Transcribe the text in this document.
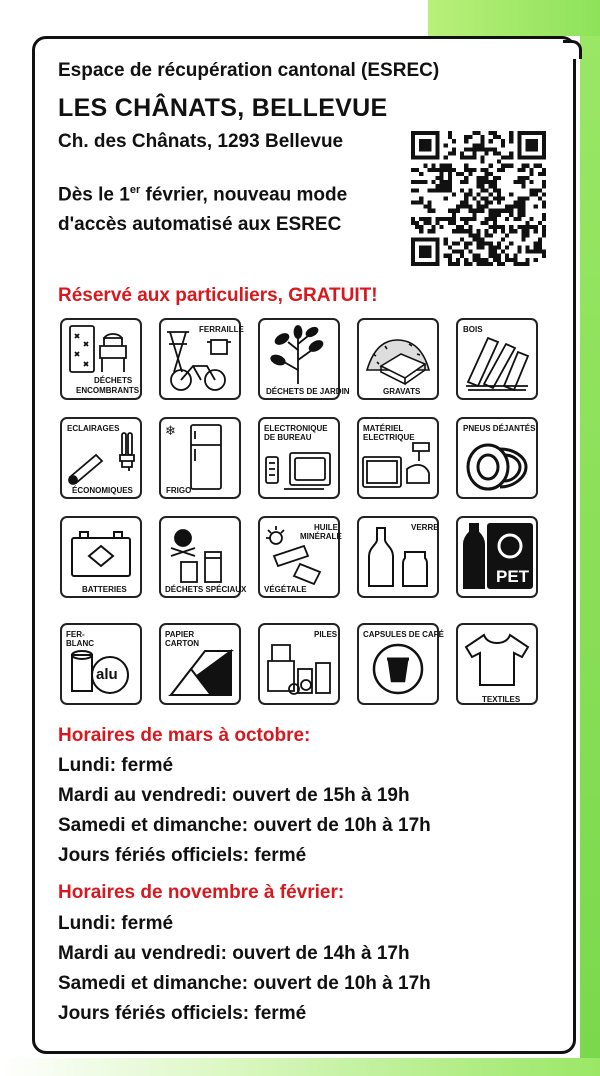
Espace de récupération cantonal (ESREC)
LES CHÂNATS, BELLEVUE
Ch. des Chânats, 1293 Bellevue
Dès le 1er février, nouveau mode
d'accès automatisé aux ESREC
Réservé aux particuliers, GRATUIT!
DÉCHETS
ENCOMBRANTS
FERRAILLE
DÉCHETS DE JARDIN	GRAVATS
BOIS
ECLAIRAGES
ÉCONOMIQUES
❄
FRIGO
ELECTRONIQUE
DE BUREAU
MATÉRIEL
ELECTRIQUE
PNEUS DÉJANTÉS
BATTERIES	DÉCHETS SPÉCIAUX
HUILE
MINÉRALE
VÉGÉTALE
VERRE
PET
FER-
BLANC
alu
PAPIER
CARTON
PILES	CAPSULES DE CAFÉ
TEXTILES
Horaires de mars à octobre:
Lundi: fermé
Mardi au vendredi: ouvert de 15h à 19h
Samedi et dimanche: ouvert de 10h à 17h
Jours fériés officiels: fermé
Horaires de novembre à février:
Lundi: fermé
Mardi au vendredi: ouvert de 14h à 17h
Samedi et dimanche: ouvert de 10h à 17h
Jours fériés officiels: fermé
